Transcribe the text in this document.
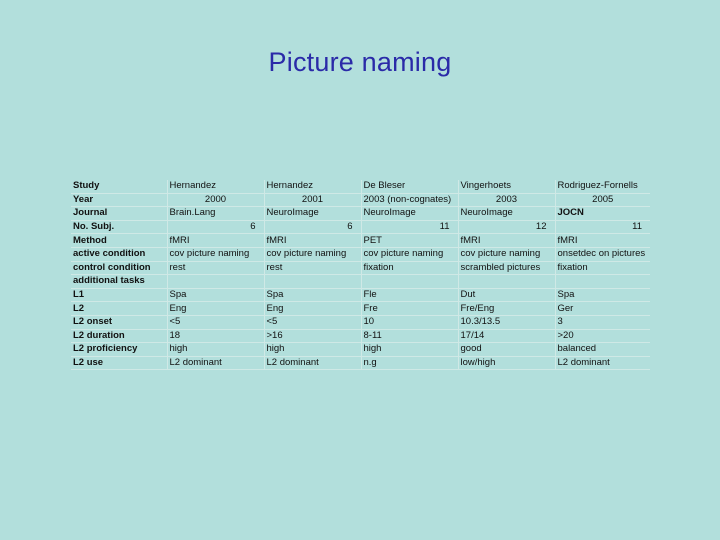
Picture naming
Study	Hernandez	Hernandez	De Bleser	Vingerhoets	Rodriguez-Fornells
Year	2000	2001	2003 (non-cognates)	2003	2005

Journal	Brain.Lang	NeuroImage	NeuroImage	NeuroImage	JOCN
No. Subj.	6	6	11	12	11

Method	fMRI	fMRI	PET	fMRI	fMRI
active condition	cov picture naming	cov picture naming	cov picture naming	cov picture naming	onsetdec on pictures
control condition	rest	rest	fixation	scrambled pictures	fixation
additional tasks					
L1	Spa	Spa	Fle	Dut	Spa
L2	Eng	Eng	Fre	Fre/Eng	Ger
L2 onset	<5	<5	10	10.3/13.5	3
L2 duration	18	>16	8-11	17/14	>20
L2 proficiency	high	high	high	good	balanced
L2 use	L2 dominant	L2 dominant	n.g	low/high	L2 dominant
